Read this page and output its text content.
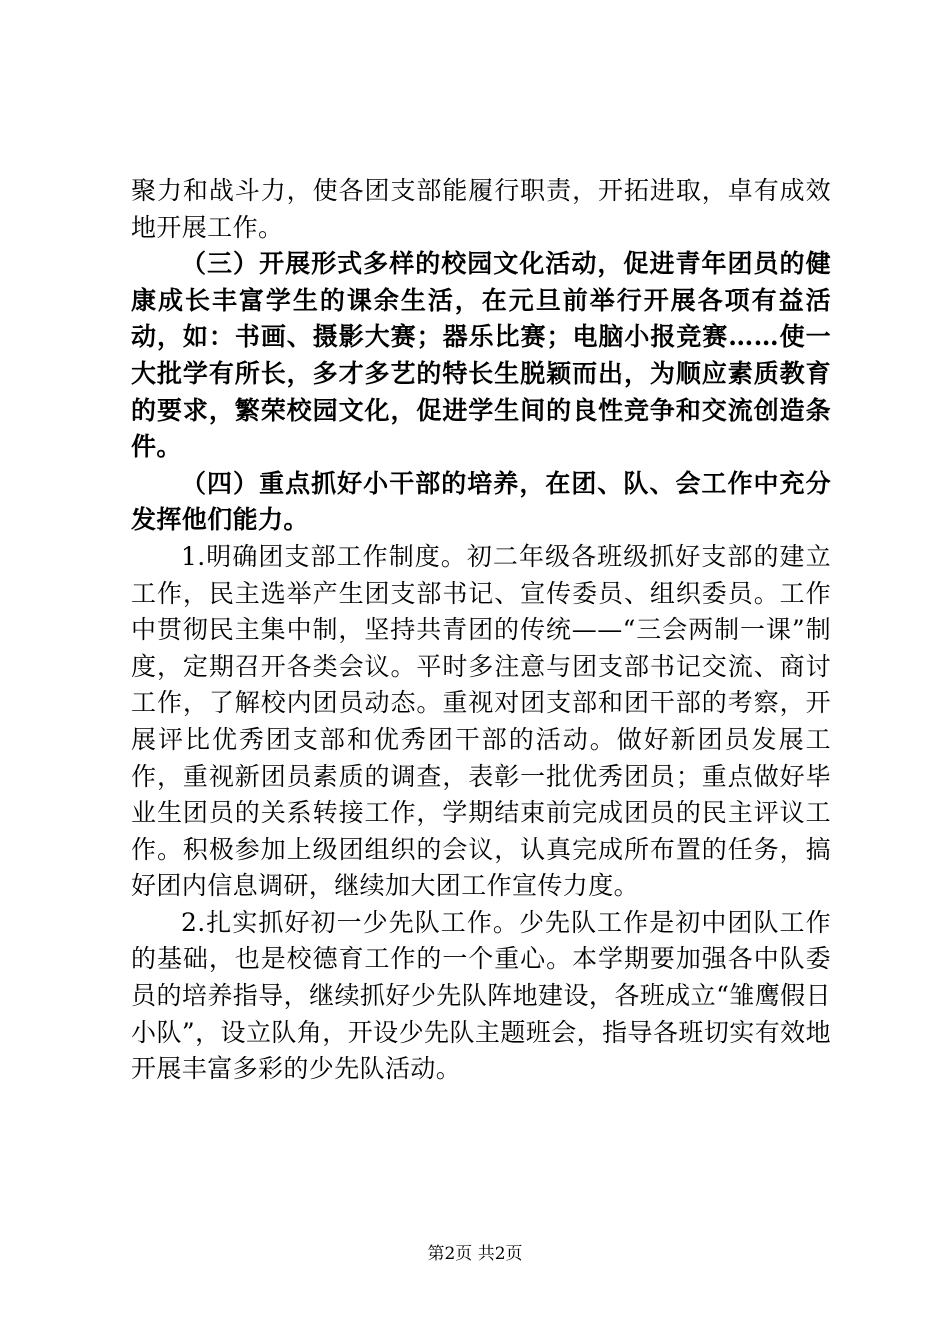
聚力和战斗力，使各团支部能履行职责，开拓进取，卓有成效地开展工作。

（三）开展形式多样的校园文化活动，促进青年团员的健康成长丰富学生的课余生活，在元旦前举行开展各项有益活动，如：书画、摄影大赛；器乐比赛；电脑小报竞赛……使一大批学有所长，多才多艺的特长生脱颖而出，为顺应素质教育的要求，繁荣校园文化，促进学生间的良性竞争和交流创造条件。

（四）重点抓好小干部的培养，在团、队、会工作中充分发挥他们能力。

1.明确团支部工作制度。初二年级各班级抓好支部的建立工作，民主选举产生团支部书记、宣传委员、组织委员。工作中贯彻民主集中制，坚持共青团的传统——“三会两制一课”制度，定期召开各类会议。平时多注意与团支部书记交流、商讨工作，了解校内团员动态。重视对团支部和团干部的考察，开展评比优秀团支部和优秀团干部的活动。做好新团员发展工作，重视新团员素质的调查，表彰一批优秀团员；重点做好毕业生团员的关系转接工作，学期结束前完成团员的民主评议工作。积极参加上级团组织的会议，认真完成所布置的任务，搞好团内信息调研，继续加大团工作宣传力度。

2.扎实抓好初一少先队工作。少先队工作是初中团队工作的基础，也是校德育工作的一个重心。本学期要加强各中队委员的培养指导，继续抓好少先队阵地建设，各班成立“雏鹰假日小队”，设立队角，开设少先队主题班会，指导各班切实有效地开展丰富多彩的少先队活动。

第2页 共2页
